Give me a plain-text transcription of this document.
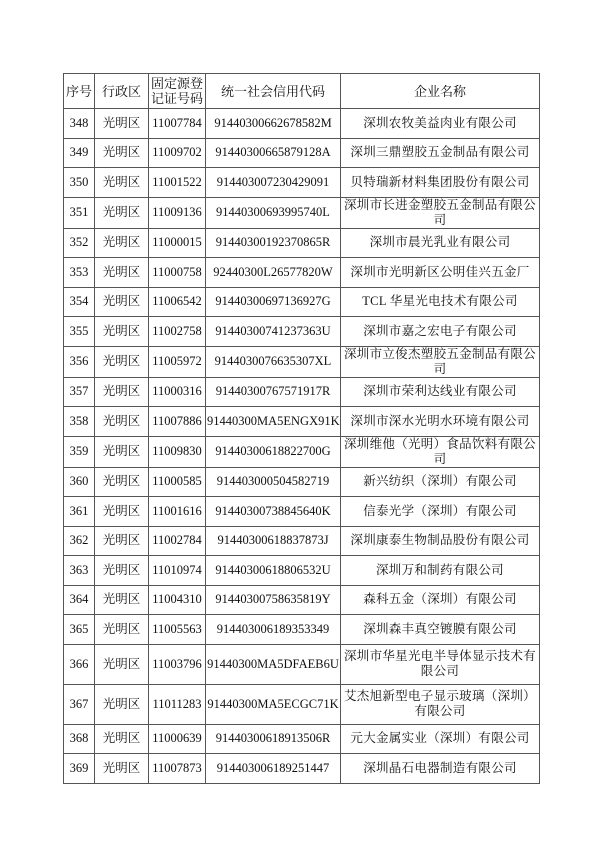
序号	行政区	固定源登记证号码	统一社会信用代码	企业名称
348	光明区	11007784	91440300662678582M	深圳农牧美益肉业有限公司
349	光明区	11009702	91440300665879128A	深圳三鼎塑胶五金制品有限公司
350	光明区	11001522	914403007230429091	贝特瑞新材料集团股份有限公司
351	光明区	11009136	91440300693995740L	深圳市长进金塑胶五金制品有限公司
352	光明区	11000015	91440300192370865R	深圳市晨光乳业有限公司
353	光明区	11000758	92440300L26577820W	深圳市光明新区公明佳兴五金厂
354	光明区	11006542	91440300697136927G	TCL 华星光电技术有限公司
355	光明区	11002758	91440300741237363U	深圳市嘉之宏电子有限公司
356	光明区	11005972	9144030076635307XL	深圳市立俊杰塑胶五金制品有限公司
357	光明区	11000316	91440300767571917R	深圳市荣利达线业有限公司
358	光明区	11007886	91440300MA5ENGX91K	深圳市深水光明水环境有限公司
359	光明区	11009830	91440300618822700G	深圳维他（光明）食品饮料有限公司
360	光明区	11000585	914403000504582719	新兴纺织（深圳）有限公司
361	光明区	11001616	91440300738845640K	信泰光学（深圳）有限公司
362	光明区	11002784	91440300618837873J	深圳康泰生物制品股份有限公司
363	光明区	11010974	91440300618806532U	深圳万和制药有限公司
364	光明区	11004310	91440300758635819Y	森科五金（深圳）有限公司
365	光明区	11005563	914403006189353349	深圳森丰真空镀膜有限公司
366	光明区	11003796	91440300MA5DFAEB6U	深圳市华星光电半导体显示技术有限公司
367	光明区	11011283	91440300MA5ECGC71K	艾杰旭新型电子显示玻璃（深圳）有限公司
368	光明区	11000639	91440300618913506R	元大金属实业（深圳）有限公司
369	光明区	11007873	914403006189251447	深圳晶石电器制造有限公司
